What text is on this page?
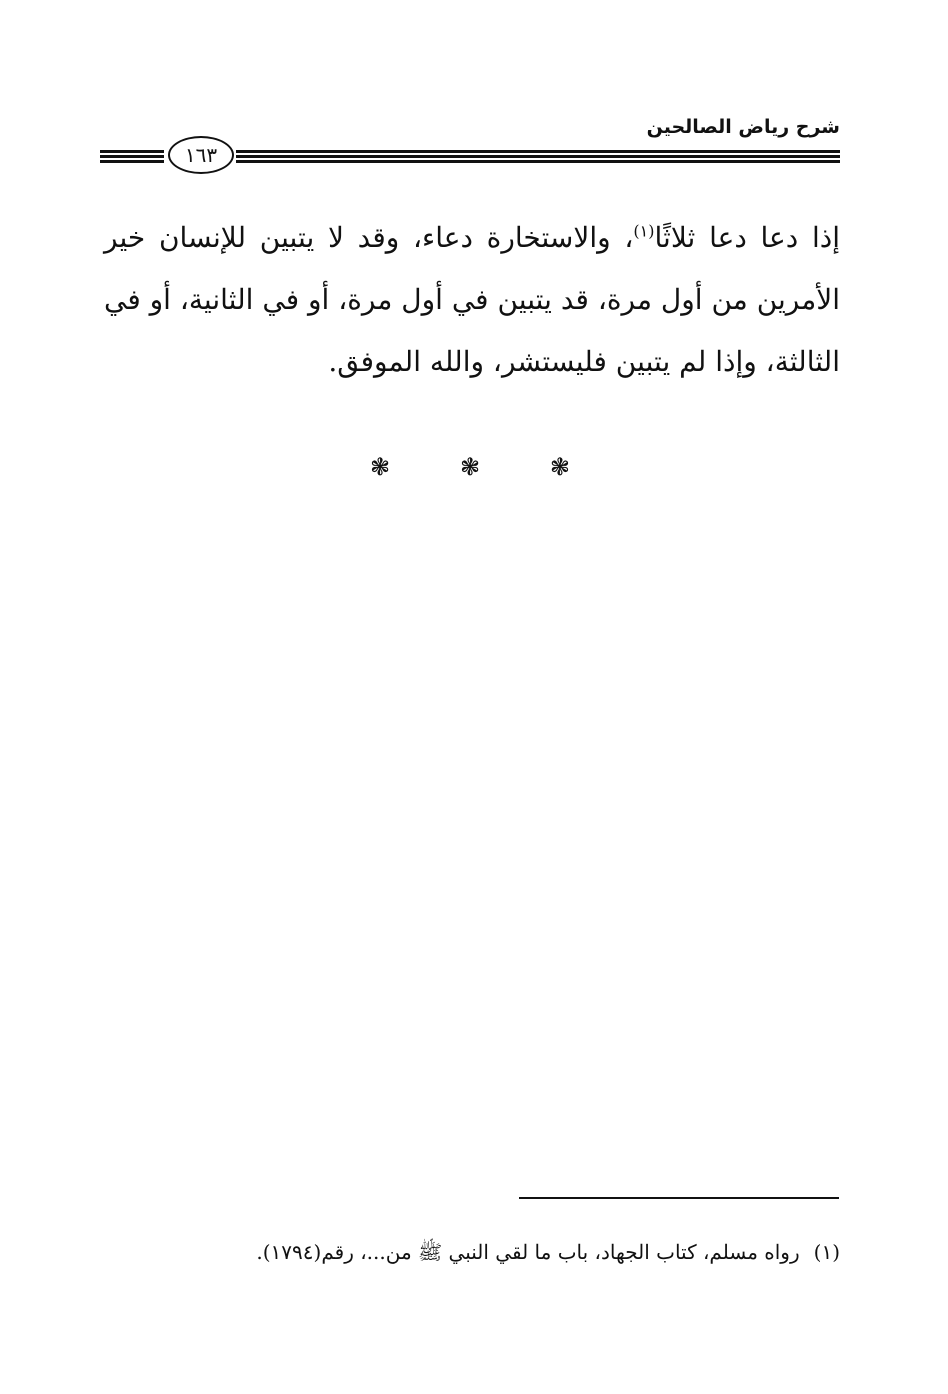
شرح رياض الصالحين
١٦٣

إذا دعا دعا ثلاثًا$^{(١)}$، والاستخارة دعاء، وقد لا يتبين للإنسان خير الأمرين من أول مرة، قد يتبين في أول مرة، أو في الثانية، أو في الثالثة، وإذا لم يتبين فليستشر، والله الموفق.

❃	❃	❃
(١)رواه مسلم، كتاب الجهاد، باب ما لقي النبي ﷺ من...، رقم(١٧٩٤).
